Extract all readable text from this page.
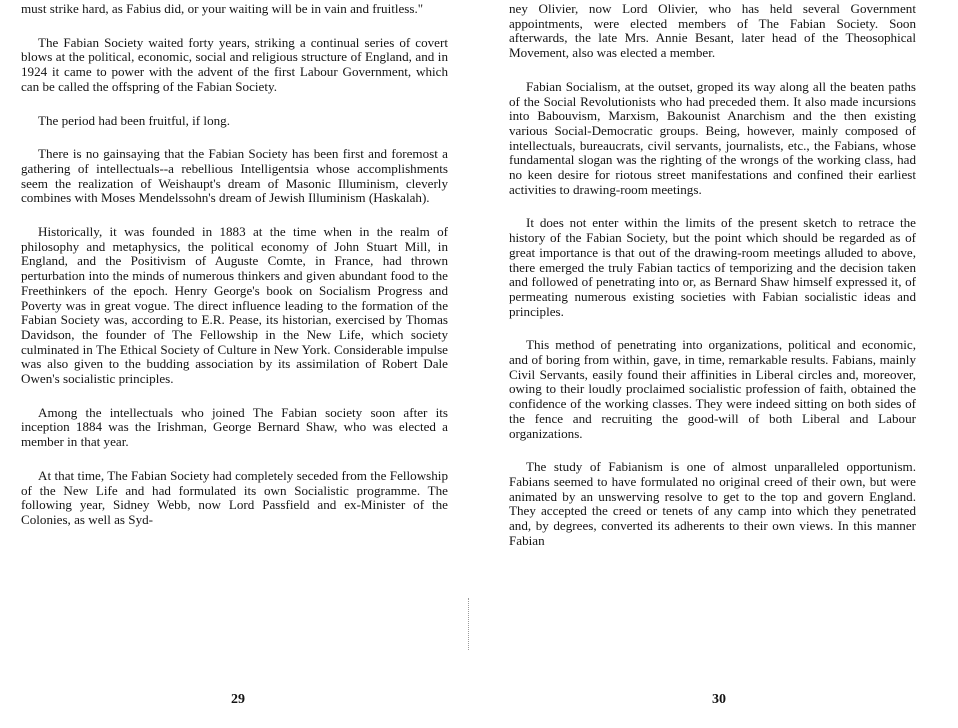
must strike hard, as Fabius did, or your waiting will be in vain and fruitless."

The Fabian Society waited forty years, striking a continual series of covert blows at the political, economic, social and religious structure of England, and in 1924 it came to power with the advent of the first Labour Government, which can be called the offspring of the Fabian Society.

The period had been fruitful, if long.

There is no gainsaying that the Fabian Society has been first and foremost a gathering of intellectuals--a rebellious Intelligentsia whose accomplishments seem the realization of Weishaupt's dream of Masonic Illuminism, cleverly combines with Moses Mendelssohn's dream of Jewish Illuminism (Haskalah).

Historically, it was founded in 1883 at the time when in the realm of philosophy and metaphysics, the political economy of John Stuart Mill, in England, and the Positivism of Auguste Comte, in France, had thrown perturbation into the minds of numerous thinkers and given abundant food to the Freethinkers of the epoch. Henry George's book on Socialism Progress and Poverty was in great vogue. The direct influence leading to the formation of the Fabian Society was, according to E.R. Pease, its historian, exercised by Thomas Davidson, the founder of The Fellowship in the New Life, which society culminated in The Ethical Society of Culture in New York. Considerable impulse was also given to the budding association by its assimilation of Robert Dale Owen's socialistic principles.

Among the intellectuals who joined The Fabian society soon after its inception 1884 was the Irishman, George Bernard Shaw, who was elected a member in that year.

At that time, The Fabian Society had completely seceded from the Fellowship of the New Life and had formulated its own Socialistic programme. The following year, Sidney Webb, now Lord Passfield and ex-Minister of the Colonies, as well as Syd-

29

ney Olivier, now Lord Olivier, who has held several Government appointments, were elected members of The Fabian Society. Soon afterwards, the late Mrs. Annie Besant, later head of the Theosophical Movement, also was elected a member.

Fabian Socialism, at the outset, groped its way along all the beaten paths of the Social Revolutionists who had preceded them. It also made incursions into Babouvism, Marxism, Bakounist Anarchism and the then existing various Social-Democratic groups. Being, however, mainly composed of intellectuals, bureaucrats, civil servants, journalists, etc., the Fabians, whose fundamental slogan was the righting of the wrongs of the working class, had no keen desire for riotous street manifestations and confined their earliest activities to drawing-room meetings.

It does not enter within the limits of the present sketch to retrace the history of the Fabian Society, but the point which should be regarded as of great importance is that out of the drawing-room meetings alluded to above, there emerged the truly Fabian tactics of temporizing and the decision taken and followed of penetrating into or, as Bernard Shaw himself expressed it, of permeating numerous existing societies with Fabian socialistic ideas and principles.

This method of penetrating into organizations, political and economic, and of boring from within, gave, in time, remarkable results. Fabians, mainly Civil Servants, easily found their affinities in Liberal circles and, moreover, owing to their loudly proclaimed socialistic profession of faith, obtained the confidence of the working classes. They were indeed sitting on both sides of the fence and recruiting the good-will of both Liberal and Labour organizations.

The study of Fabianism is one of almost unparalleled opportunism. Fabians seemed to have formulated no original creed of their own, but were animated by an unswerving resolve to get to the top and govern England. They accepted the creed or tenets of any camp into which they penetrated and, by degrees, converted its adherents to their own views. In this manner Fabian

30
